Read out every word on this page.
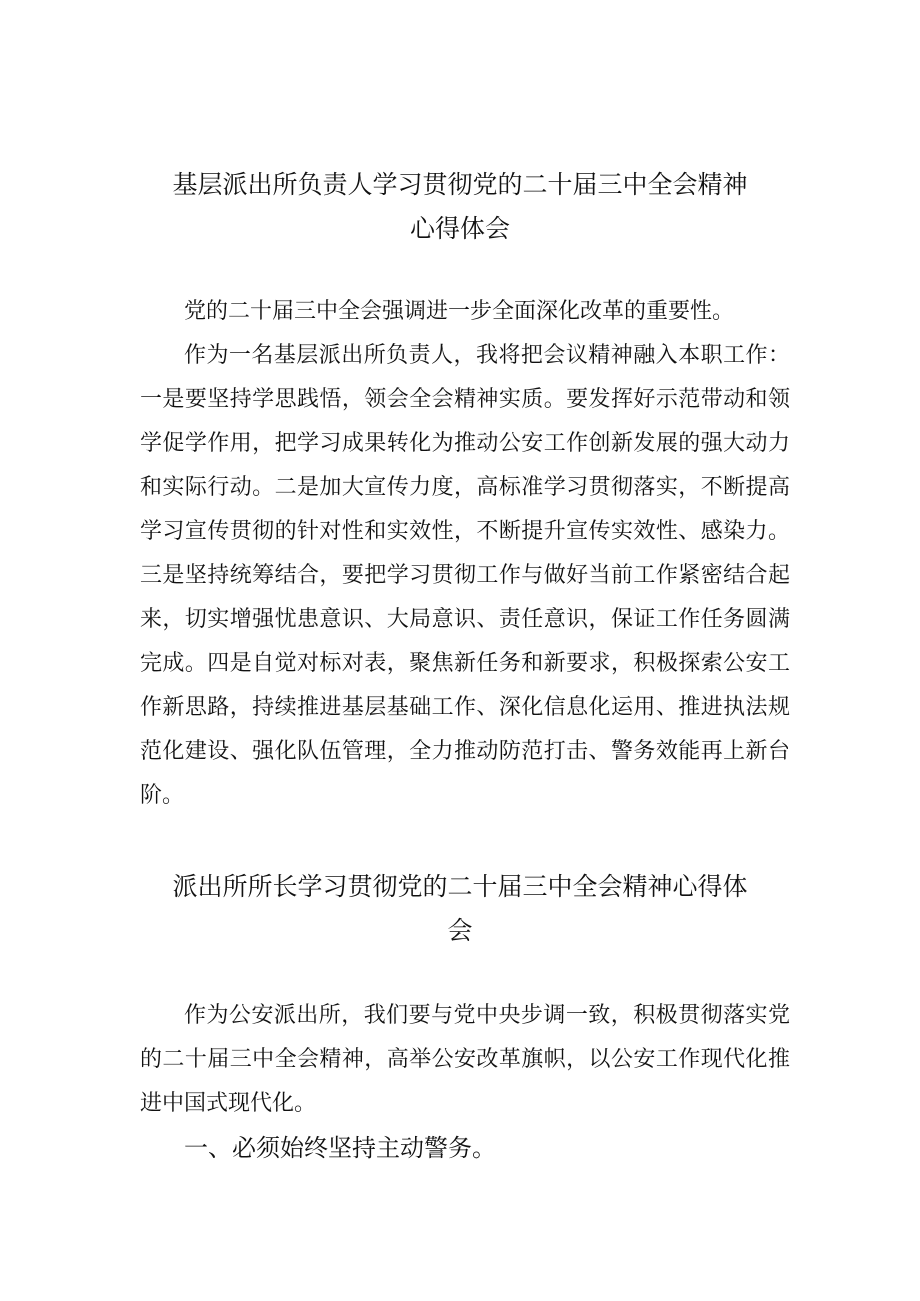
基层派出所负责人学习贯彻党的二十届三中全会精神
心得体会

党的二十届三中全会强调进一步全面深化改革的重要性。

作为一名基层派出所负责人，我将把会议精神融入本职工作：一是要坚持学思践悟，领会全会精神实质。要发挥好示范带动和领学促学作用，把学习成果转化为推动公安工作创新发展的强大动力和实际行动。二是加大宣传力度，高标准学习贯彻落实，不断提高学习宣传贯彻的针对性和实效性，不断提升宣传实效性、感染力。三是坚持统筹结合，要把学习贯彻工作与做好当前工作紧密结合起来，切实增强忧患意识、大局意识、责任意识，保证工作任务圆满完成。四是自觉对标对表，聚焦新任务和新要求，积极探索公安工作新思路，持续推进基层基础工作、深化信息化运用、推进执法规范化建设、强化队伍管理，全力推动防范打击、警务效能再上新台阶。

派出所所长学习贯彻党的二十届三中全会精神心得体
会

作为公安派出所，我们要与党中央步调一致，积极贯彻落实党的二十届三中全会精神，高举公安改革旗帜，以公安工作现代化推进中国式现代化。

一、必须始终坚持主动警务。
